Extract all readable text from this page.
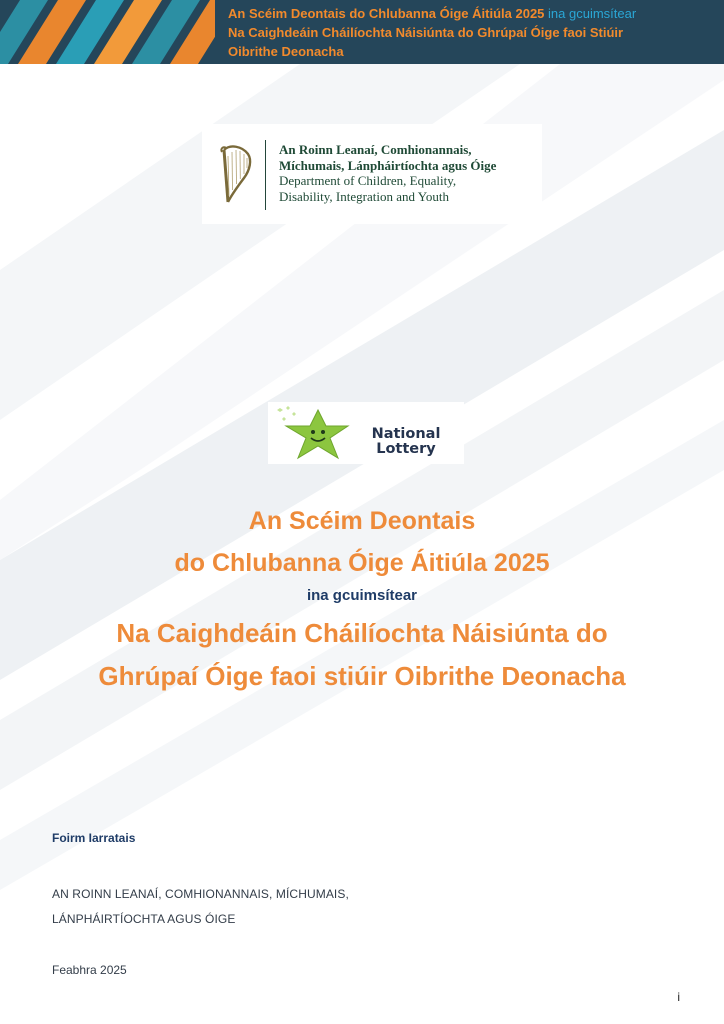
An Scéim Deontais do Chlubanna Óige Áitiúla 2025 ina gcuimsítear
Na Caighdeáin Cháilíochta Náisiúnta do Ghrúpaí Óige faoi Stiúir
Oibrithe Deonacha
An Roinn Leanaí, Comhionannais,
Míchumais, Lánpháirtíochta agus Óige
Department of Children, Equality,
Disability, Integration and Youth
National
Lottery
An Scéim Deontais
do Chlubanna Óige Áitiúla 2025
ina gcuimsítear
Na Caighdeáin Cháilíochta Náisiúnta do
Ghrúpaí Óige faoi stiúir Oibrithe Deonacha
Foirm Iarratais
AN ROINN LEANAÍ, COMHIONANNAIS, MÍCHUMAIS,
LÁNPHÁIRTÍOCHTA AGUS ÓIGE
Feabhra 2025
i
